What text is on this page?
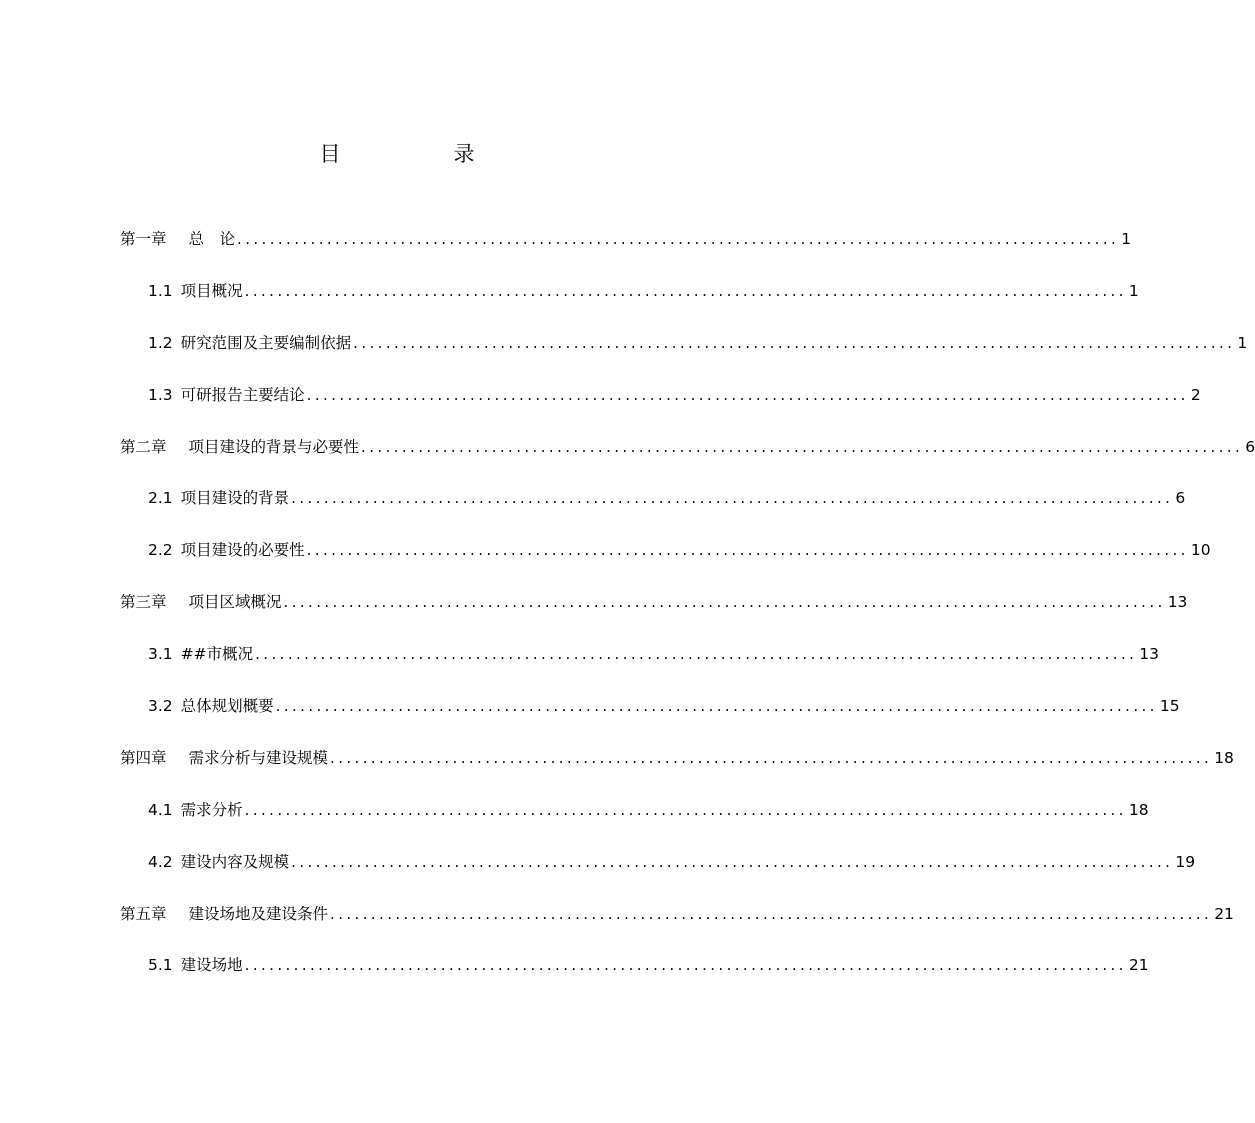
目　录
第一章 总　论 ............................................................................................................ 1
1.1 项目概况 ............................................................................................................ 1
1.2 研究范围及主要编制依据 ............................................................................................................ 1
1.3 可研报告主要结论 ............................................................................................................ 2
第二章 项目建设的背景与必要性 ............................................................................................................ 6
2.1 项目建设的背景 ............................................................................................................ 6
2.2 项目建设的必要性 ............................................................................................................ 10
第三章 项目区域概况 ............................................................................................................ 13
3.1 ##市概况 ............................................................................................................ 13
3.2 总体规划概要 ............................................................................................................ 15
第四章 需求分析与建设规模 ............................................................................................................ 18
4.1 需求分析 ............................................................................................................ 18
4.2 建设内容及规模 ............................................................................................................ 19
第五章 建设场地及建设条件 ............................................................................................................ 21
5.1 建设场地 ............................................................................................................ 21
